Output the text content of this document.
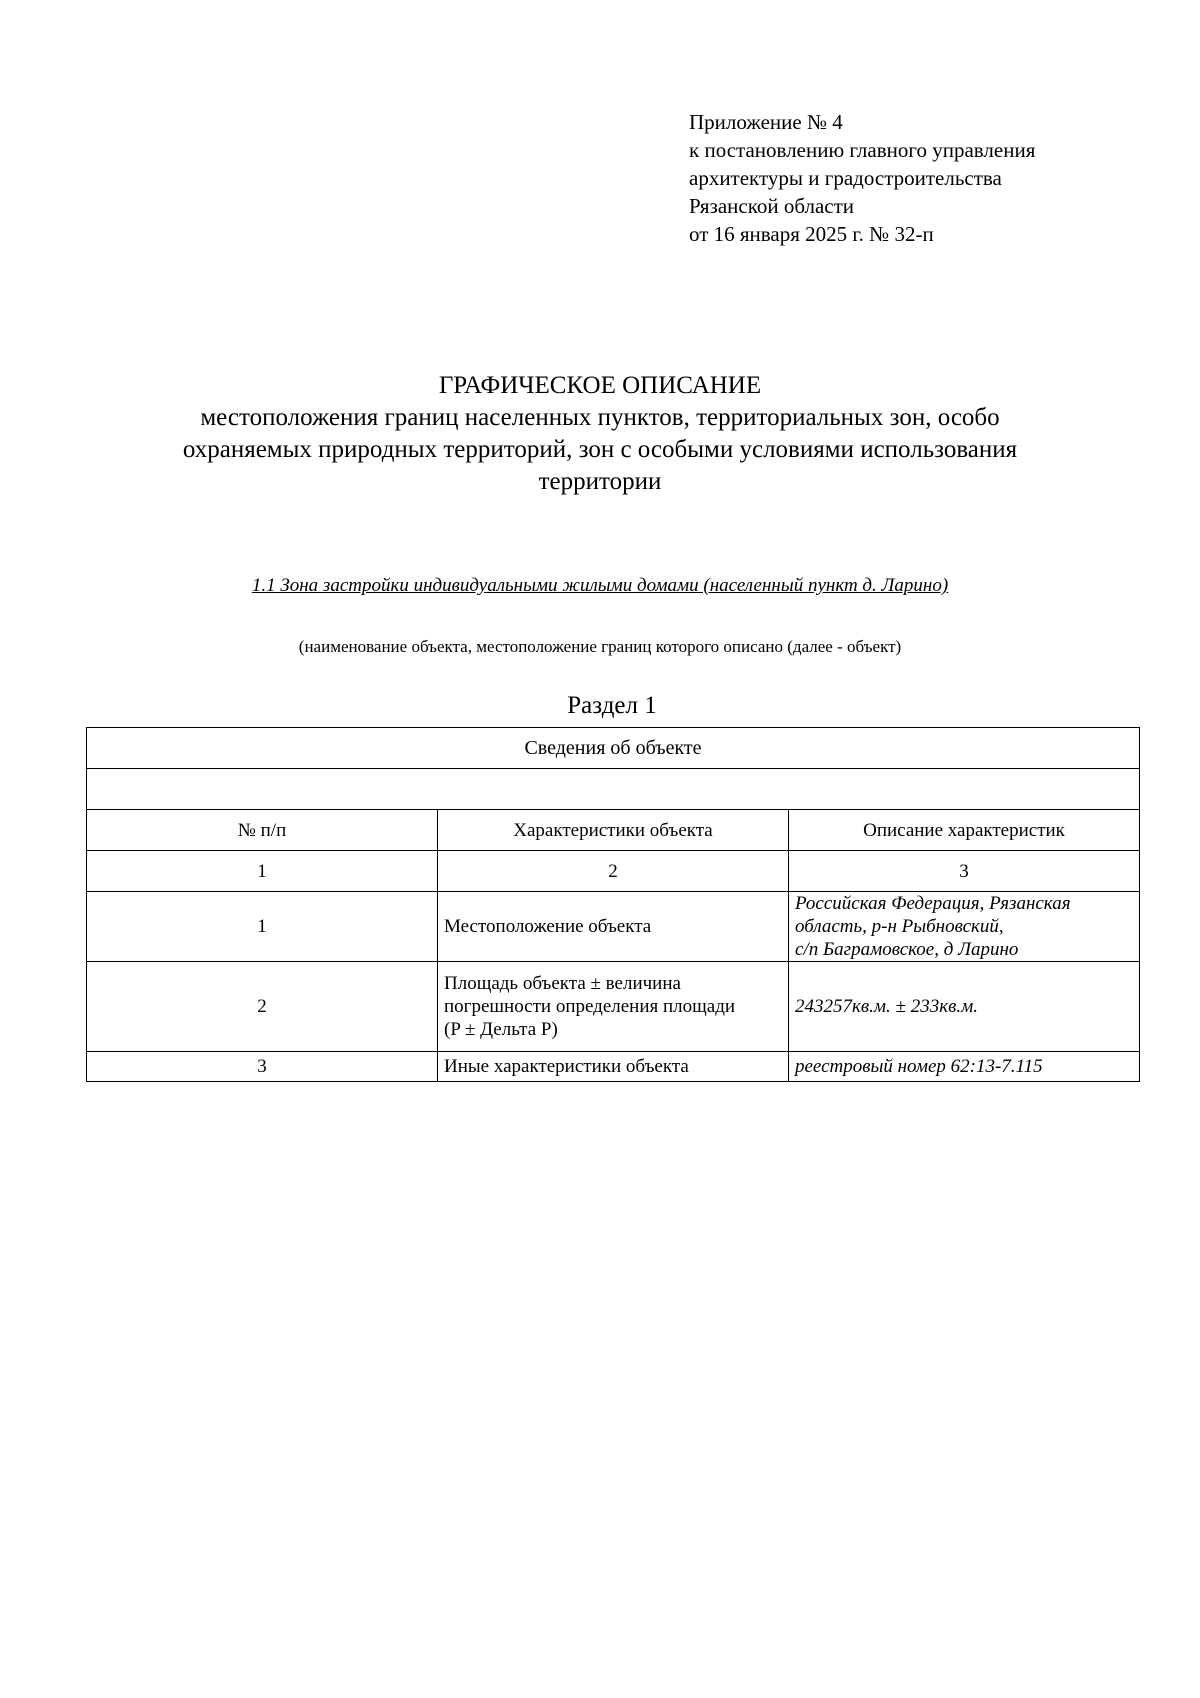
Приложение № 4
к постановлению главного управления
архитектуры и градостроительства
Рязанской области
от 16 января 2025 г. № 32-п
ГРАФИЧЕСКОЕ ОПИСАНИЕ
местоположения границ населенных пунктов, территориальных зон, особо
охраняемых природных территорий, зон с особыми условиями использования
территории
1.1 Зона застройки индивидуальными жилыми домами (населенный пункт д. Ларино)
(наименование объекта, местоположение границ которого описано (далее - объект)
Раздел 1
Сведения об объекте		

№ п/п	Характеристики объекта	Описание характеристик
1	2	3
1	Местоположение объекта	Российская Федерация, Рязанская область, р-н Рыбновский,
с/п Баграмовское, д Ларино

2	Площадь объекта ± величина
погрешности определения площади
(P ± Дельта P)	243257кв.м. ± 233кв.м.
3	Иные характеристики объекта	реестровый номер 62:13-7.115
